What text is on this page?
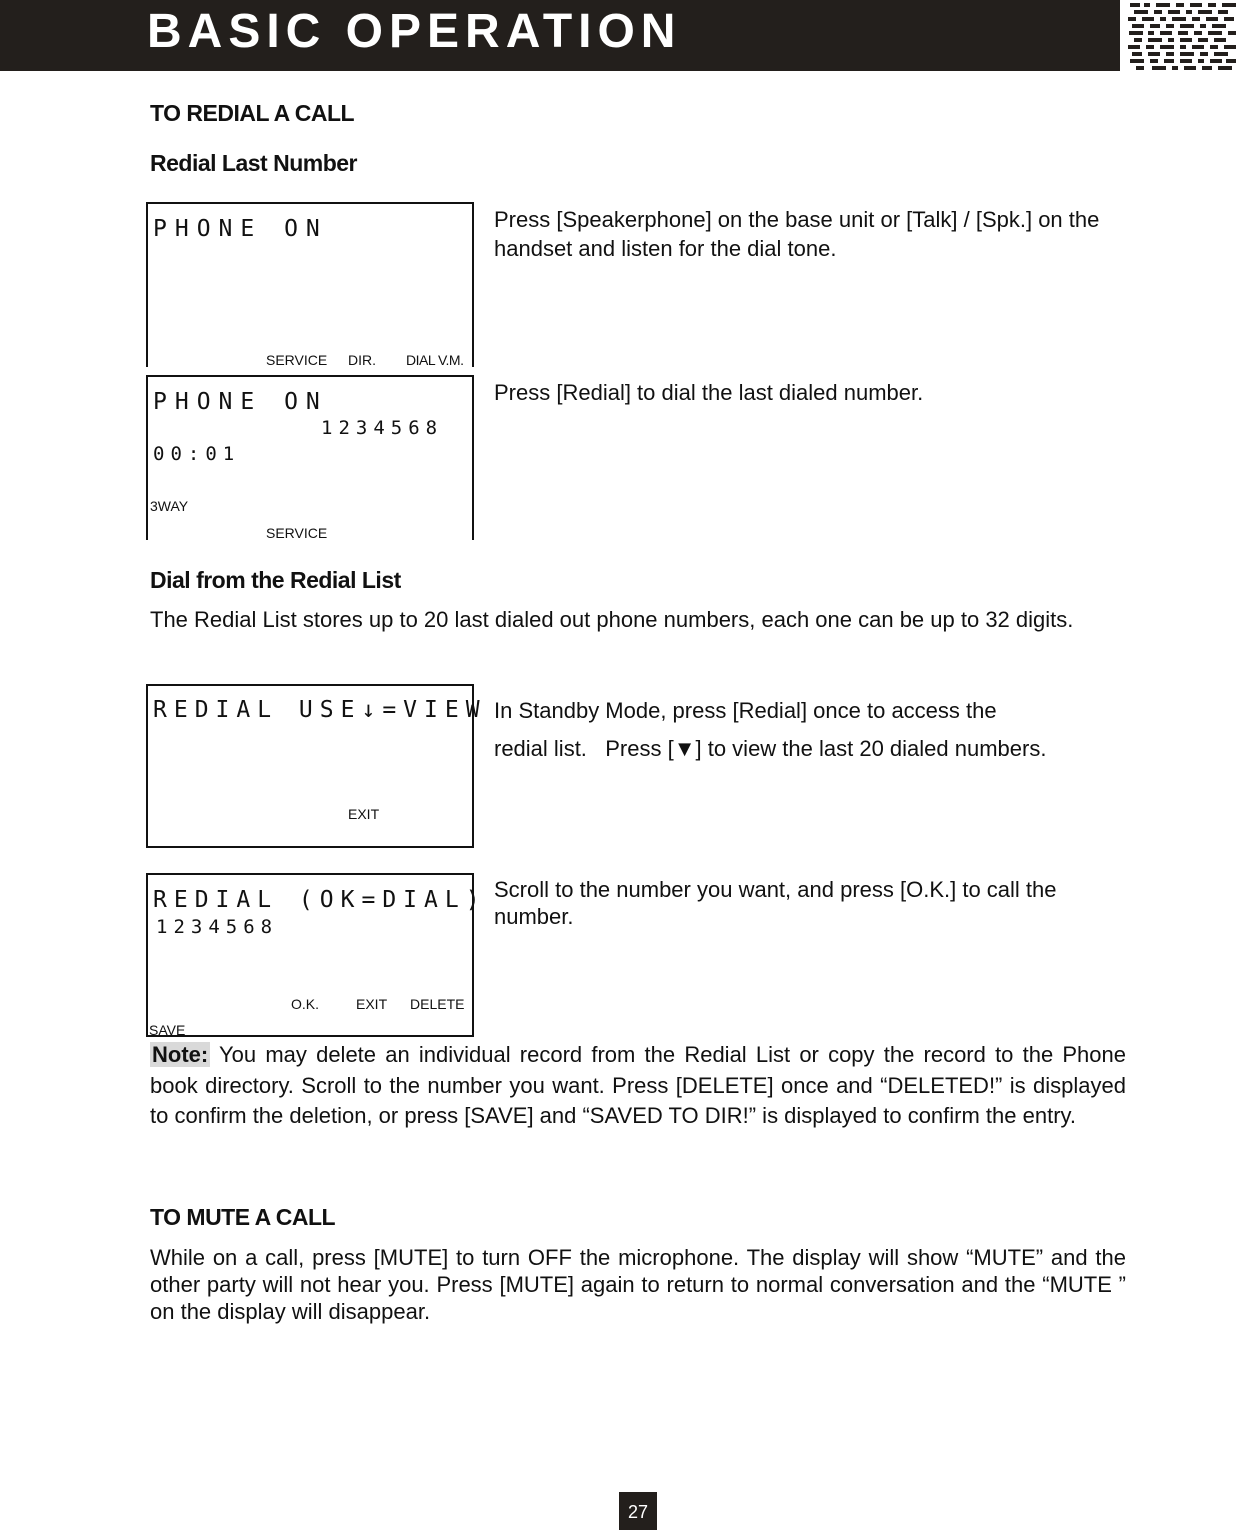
BASIC OPERATION
TO REDIAL A CALL
Redial Last Number
PHONE ON
SERVICE DIR. DIAL V.M.
Press [Speakerphone] on the base unit or [Talk] / [Spk.] on the handset and listen for the dial tone.
PHONE ON
1234568
00:01
3WAY
SERVICE
Press [Redial] to dial the last dialed number.
Dial from the Redial List
The Redial List stores up to 20 last dialed out phone numbers, each one can be up to 32 digits.
REDIAL USE↓=VIEW
EXIT
In Standby Mode, press [Redial] once to access the
redial list.   Press [▼] to view the last 20 dialed numbers.
REDIAL (OK=DIAL)
1234568
O.K.	EXIT DELETE
SAVE
Scroll to the number you want, and press [O.K.] to call the number.
Note: You may delete an individual record from the Redial List or copy the record to the Phone book directory. Scroll to the number you want. Press [DELETE] once and “DELETED!” is displayed to confirm the deletion, or press [SAVE] and “SAVED TO DIR!” is displayed to confirm the entry.
TO MUTE A CALL
While on a call, press [MUTE] to turn OFF the microphone. The display will show “MUTE” and the other party will not hear you. Press [MUTE] again to return to normal conversation and the “MUTE ” on the display will disappear.
27
